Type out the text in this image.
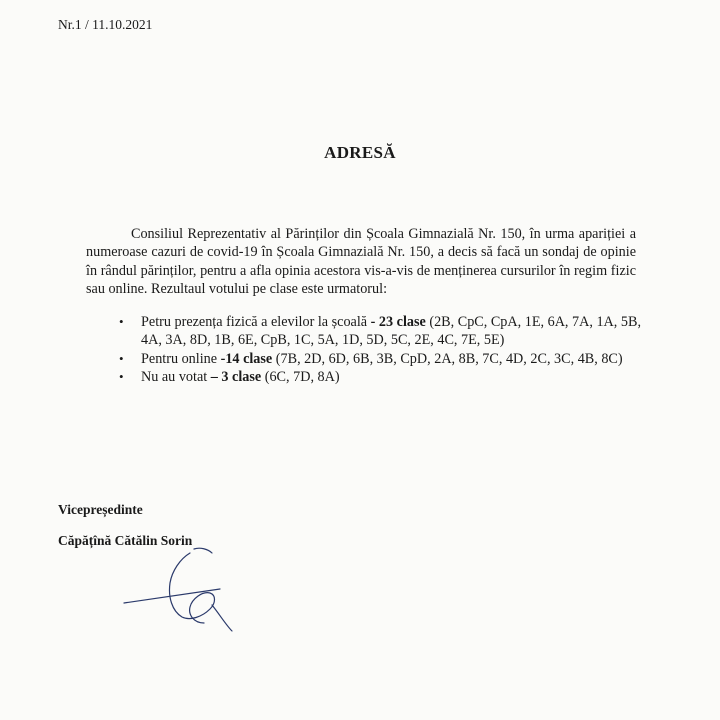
Nr.1 / 11.10.2021
ADRESĂ

Consiliul Reprezentativ al Părinților din Școala Gimnazială Nr. 150, în urma apariției a numeroase cazuri de covid-19 în Școala Gimnazială Nr. 150, a decis să facă un sondaj de opinie în rândul părinților, pentru a afla opinia acestora vis-a-vis de menținerea cursurilor în regim fizic sau online. Rezultaul votului pe clase este urmatorul:

• Petru prezența fizică a elevilor la școală - 23 clase (2B, CpC, CpA, 1E, 6A, 7A, 1A, 5B, 4A, 3A, 8D, 1B, 6E, CpB, 1C, 5A, 1D, 5D, 5C, 2E, 4C, 7E, 5E)
• Pentru online -14 clase (7B, 2D, 6D, 6B, 3B, CpD, 2A, 8B, 7C, 4D, 2C, 3C, 4B, 8C)
• Nu au votat – 3 clase (6C, 7D, 8A)
Vicepreședinte
Căpățînă Cătălin Sorin
